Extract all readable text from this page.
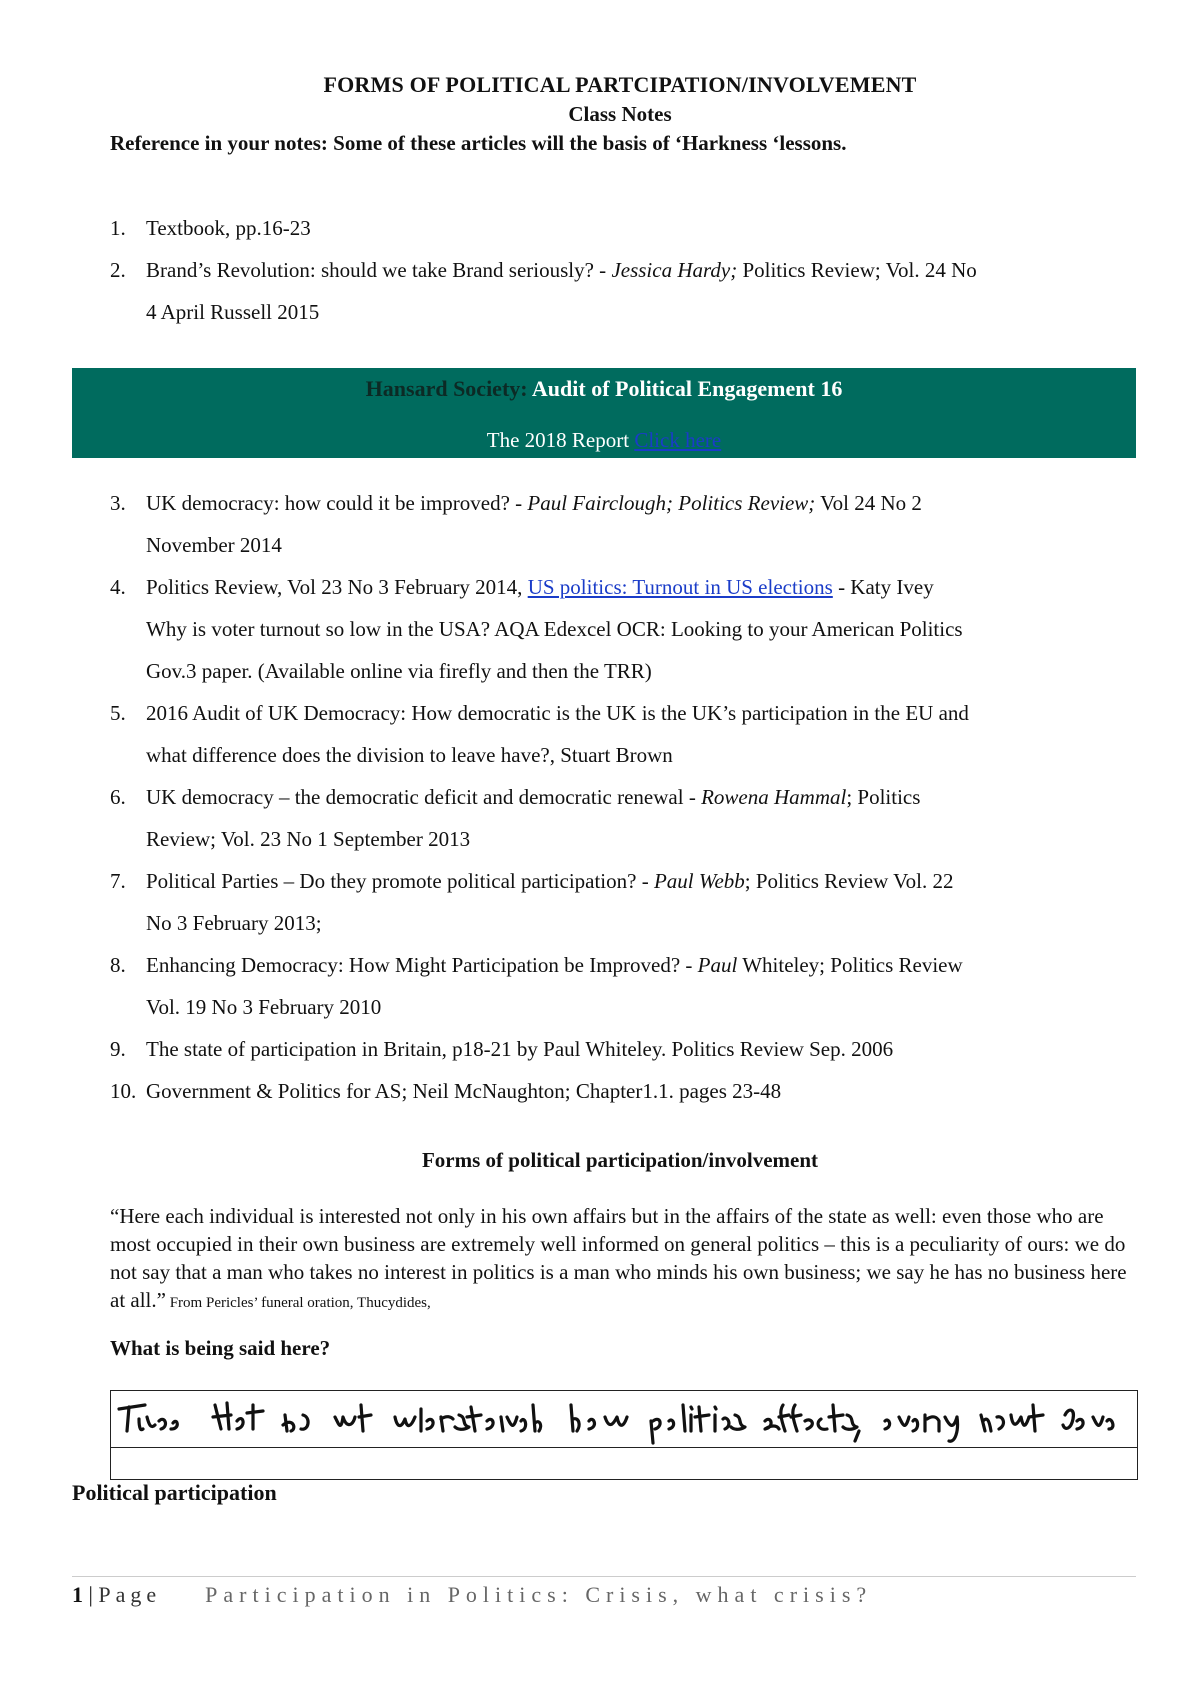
FORMS OF POLITICAL PARTCIPATION/INVOLVEMENT
Class Notes
Reference in your notes: Some of these articles will the basis of ‘Harkness ‘lessons.
1. Textbook, pp.16-23
2. Brand’s Revolution: should we take Brand seriously? - Jessica Hardy; Politics Review; Vol. 24 No
4 April Russell 2015
Hansard Society: Audit of Political Engagement 16
The 2018 Report Click here
3. UK democracy: how could it be improved? - Paul Fairclough; Politics Review; Vol 24 No 2
November 2014
4. Politics Review, Vol 23 No 3 February 2014, US politics: Turnout in US elections - Katy Ivey
Why is voter turnout so low in the USA? AQA Edexcel OCR: Looking to your American Politics
Gov.3 paper. (Available online via firefly and then the TRR)
5. 2016 Audit of UK Democracy: How democratic is the UK is the UK’s participation in the EU and
what difference does the division to leave have?, Stuart Brown
6. UK democracy – the democratic deficit and democratic renewal - Rowena Hammal; Politics
Review; Vol. 23 No 1 September 2013
7. Political Parties – Do they promote political participation? - Paul Webb; Politics Review Vol. 22
No 3 February 2013;
8. Enhancing Democracy: How Might Participation be Improved? - Paul Whiteley; Politics Review
Vol. 19 No 3 February 2010
9. The state of participation in Britain, p18-21 by Paul Whiteley. Politics Review Sep. 2006
10. Government & Politics for AS; Neil McNaughton; Chapter1.1. pages 23-48
Forms of political participation/involvement
“Here each individual is interested not only in his own affairs but in the affairs of the state as well: even those who are most occupied in their own business are extremely well informed on general politics – this is a peculiarity of ours: we do not say that a man who takes no interest in politics is a man who minds his own business; we say he has no business here at all.” From Pericles’ funeral oration, Thucydides,
What is being said here?
Political participation
1 | Page Participation in Politics: Crisis, what crisis?
